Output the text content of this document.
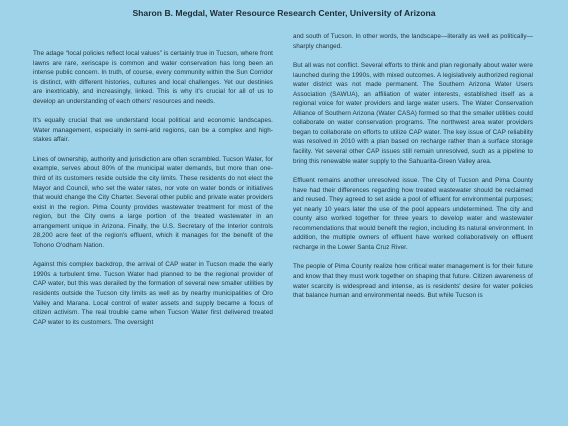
Sharon B. Megdal, Water Resource Research Center, University of Arizona

The adage “local policies reflect local values” is certainly true in Tucson, where front lawns are rare, xeriscape is common and water conservation has long been an intense public concern. In truth, of course, every community within the Sun Corridor is distinct, with different histories, cultures and local challenges. Yet our destinies are inextricably, and increasingly, linked. This is why it's crucial for all of us to develop an understanding of each others' resources and needs.

It's equally crucial that we understand local political and economic landscapes. Water management, especially in semi-arid regions, can be a complex and high-stakes affair.

Lines of ownership, authority and jurisdiction are often scrambled. Tucson Water, for example, serves about 80% of the municipal water demands, but more than one-third of its customers reside outside the city limits. These residents do not elect the Mayor and Council, who set the water rates, nor vote on water bonds or initiatives that would change the City Charter. Several other public and private water providers exist in the region. Pima County provides wastewater treatment for most of the region, but the City owns a large portion of the treated wastewater in an arrangement unique in Arizona. Finally, the U.S. Secretary of the Interior controls 28,200 acre feet of the region's effluent, which it manages for the benefit of the Tohono O'odham Nation.

Against this complex backdrop, the arrival of CAP water in Tucson made the early 1990s a turbulent time. Tucson Water had planned to be the regional provider of CAP water, but this was derailed by the formation of several new smaller utilities by residents outside the Tucson city limits as well as by nearby municipalities of Oro Valley and Marana. Local control of water assets and supply became a focus of citizen activism. The real trouble came when Tucson Water first delivered treated CAP water to its customers. The oversight

and south of Tucson. In other words, the landscape—literally as well as politically—sharply changed.

But all was not conflict. Several efforts to think and plan regionally about water were launched during the 1990s, with mixed outcomes. A legislatively authorized regional water district was not made permanent. The Southern Arizona Water Users Association (SAWUA), an affiliation of water interests, established itself as a regional voice for water providers and large water users. The Water Conservation Alliance of Southern Arizona (Water CASA) formed so that the smaller utilities could collaborate on water conservation programs. The northwest area water providers began to collaborate on efforts to utilize CAP water. The key issue of CAP reliability was resolved in 2010 with a plan based on recharge rather than a surface storage facility. Yet several other CAP issues still remain unresolved, such as a pipeline to bring this renewable water supply to the Sahuarita-Green Valley area.

Effluent remains another unresolved issue. The City of Tucson and Pima County have had their differences regarding how treated wastewater should be reclaimed and reused. They agreed to set aside a pool of effluent for environmental purposes; yet nearly 10 years later the use of the pool appears undetermined. The city and county also worked together for three years to develop water and wastewater recommendations that would benefit the region, including its natural environment. In addition, the multiple owners of effluent have worked collaboratively on effluent recharge in the Lower Santa Cruz River.

The people of Pima County realize how critical water management is for their future and know that they must work together on shaping that future. Citizen awareness of water scarcity is widespread and intense, as is residents' desire for water policies that balance human and environmental needs. But while Tucson is
